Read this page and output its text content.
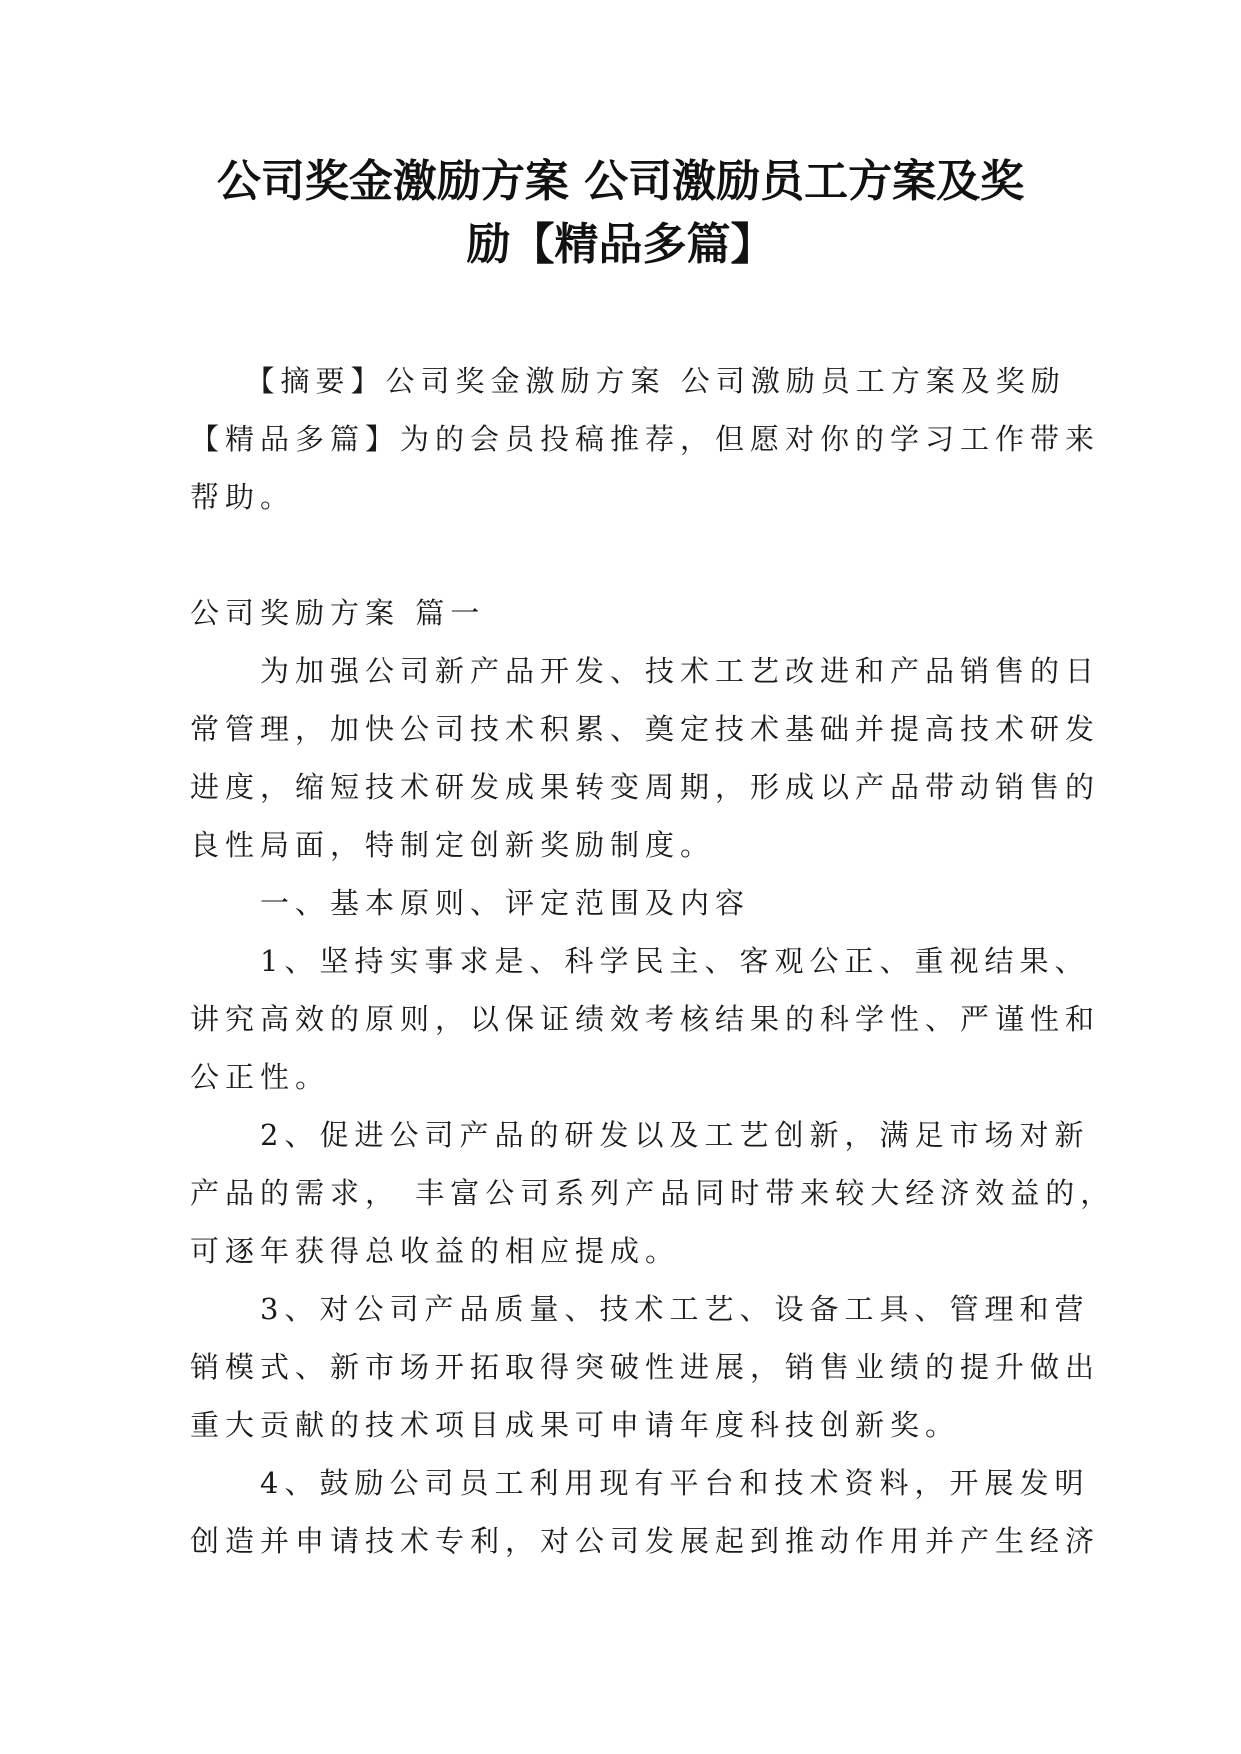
公司奖金激励方案 公司激励员工方案及奖
励【精品多篇】
　　【摘要】公司奖金激励方案 公司激励员工方案及奖励
【精品多篇】为的会员投稿推荐，但愿对你的学习工作带来
帮助。
公司奖励方案 篇一
　　为加强公司新产品开发、技术工艺改进和产品销售的日
常管理，加快公司技术积累、奠定技术基础并提高技术研发
进度，缩短技术研发成果转变周期，形成以产品带动销售的
良性局面，特制定创新奖励制度。
　　一、基本原则、评定范围及内容
　　1、坚持实事求是、科学民主、客观公正、重视结果、
讲究高效的原则，以保证绩效考核结果的科学性、严谨性和
公正性。
　　2、促进公司产品的研发以及工艺创新，满足市场对新
产品的需求， 丰富公司系列产品同时带来较大经济效益的，
可逐年获得总收益的相应提成。
　　3、对公司产品质量、技术工艺、设备工具、管理和营
销模式、新市场开拓取得突破性进展，销售业绩的提升做出
重大贡献的技术项目成果可申请年度科技创新奖。
　　4、鼓励公司员工利用现有平台和技术资料，开展发明
创造并申请技术专利，对公司发展起到推动作用并产生经济
